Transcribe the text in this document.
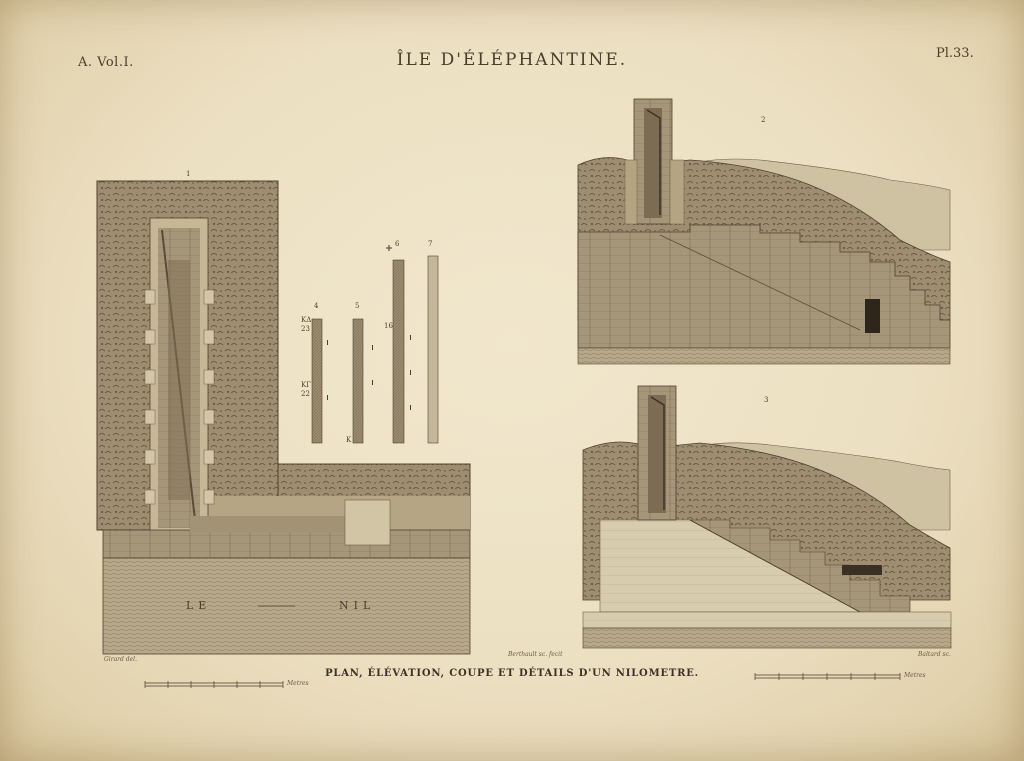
A. Vol.I.	ÎLE D'ÉLÉPHANTINE.	Pl.33.
1
2
3
4	5
6	7
KΔ
23
KΓ
22
K
16
LE	NIL
Girard del.
Berthault sc. fecit	Baltard sc.
Metres
Metres
PLAN, ÉLÉVATION, COUPE ET DÉTAILS D'UN NILOMETRE.
